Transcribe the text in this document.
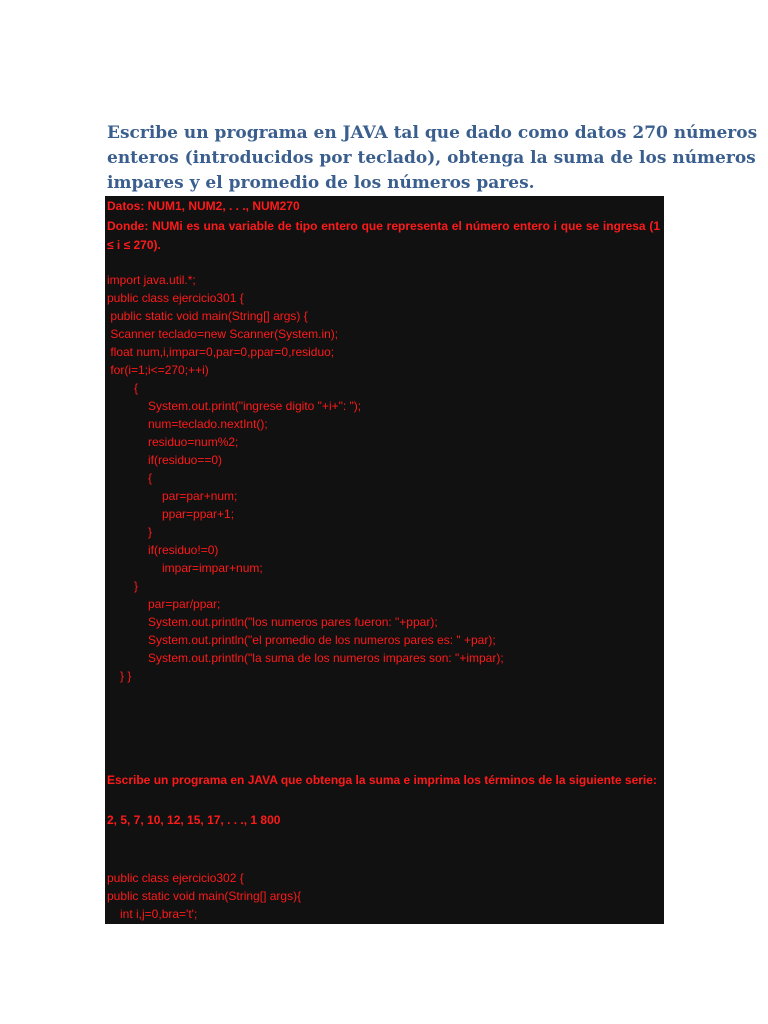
Escribe un programa en JAVA tal que dado como datos 270 números
enteros (introducidos por teclado), obtenga la suma de los números
impares y el promedio de los números pares.

Datos: NUM1, NUM2, . . ., NUM270

Donde: NUMi es una variable de tipo entero que representa el número entero i que se ingresa (1 ≤ i ≤ 270).

import java.util.*;

public class ejercicio301 {

public static void main(String[] args) {

Scanner teclado=new Scanner(System.in);

float num,i,impar=0,par=0,ppar=0,residuo;

for(i=1;i<=270;++i)

{

System.out.print("ingrese digito "+i+": ");

num=teclado.nextInt();

residuo=num%2;

if(residuo==0)

{

par=par+num;

ppar=ppar+1;

}

if(residuo!=0)

impar=impar+num;

}

par=par/ppar;

System.out.println("los numeros pares fueron: "+ppar);

System.out.println("el promedio de los numeros pares es: " +par);

System.out.println("la suma de los numeros impares son: "+impar);

} }

Escribe un programa en JAVA que obtenga la suma e imprima los términos de la siguiente serie:

2, 5, 7, 10, 12, 15, 17, . . ., 1 800

public class ejercicio302 {

public static void main(String[] args){

int i,j=0,bra='t';
